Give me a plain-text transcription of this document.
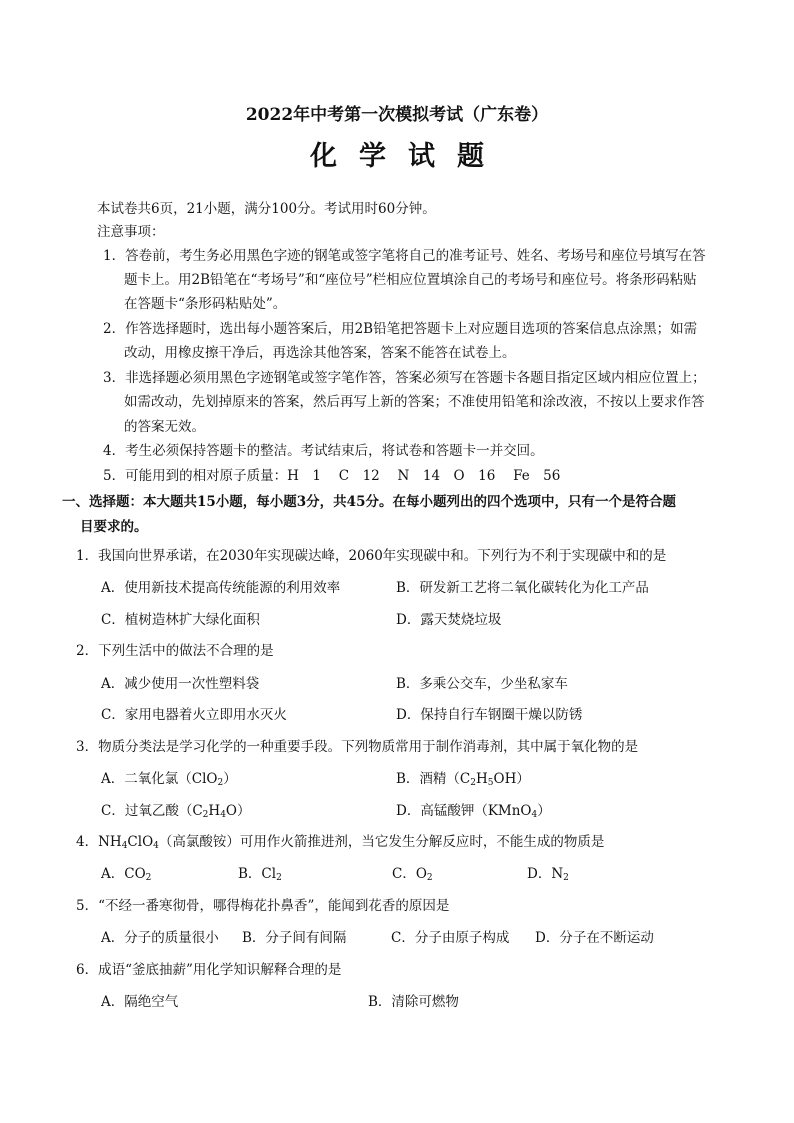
2022年中考第一次模拟考试（广东卷）
化学试题
本试卷共6页，21小题，满分100分。考试用时60分钟。
注意事项：
1．答卷前，考生务必用黑色字迹的钢笔或签字笔将自己的准考证号、姓名、考场号和座位号填写在答
题卡上。用2B铅笔在“考场号”和“座位号”栏相应位置填涂自己的考场号和座位号。将条形码粘贴
在答题卡“条形码粘贴处”。
2．作答选择题时，选出每小题答案后，用2B铅笔把答题卡上对应题目选项的答案信息点涂黑；如需
改动，用橡皮擦干净后，再选涂其他答案，答案不能答在试卷上。
3．非选择题必须用黑色字迹钢笔或签字笔作答，答案必须写在答题卡各题目指定区域内相应位置上；
如需改动，先划掉原来的答案，然后再写上新的答案；不准使用铅笔和涂改液，不按以上要求作答
的答案无效。
4．考生必须保持答题卡的整洁。考试结束后，将试卷和答题卡一并交回。
5．可能用到的相对原子质量：H　1　 C　12　 N　14　O　16　 Fe　56
一、选择题：本大题共15小题，每小题3分，共45分。在每小题列出的四个选项中，只有一个是符合题
目要求的。
1．我国向世界承诺，在2030年实现碳达峰，2060年实现碳中和。下列行为不利于实现碳中和的是
A．使用新技术提高传统能源的利用效率	B．研发新工艺将二氧化碳转化为化工产品
C．植树造林扩大绿化面积	D．露天焚烧垃圾
2．下列生活中的做法不合理的是
A．减少使用一次性塑料袋	B．多乘公交车，少坐私家车
C．家用电器着火立即用水灭火	D．保持自行车钢圈干燥以防锈
3．物质分类法是学习化学的一种重要手段。下列物质常用于制作消毒剂，其中属于氧化物的是
A．二氧化氯（ClO$_2$）	B．酒精$(C_2H_5OH)$
C．过氧乙酸$(C_2H_4O)$	D．高锰酸钾（KMnO$_4$）
4．$NH_4ClO_4$（高氯酸铵）可用作火箭推进剂，当它发生分解反应时，不能生成的物质是
A．$CO_2$	B．$Cl_2$	C．$O_2$	D．$N_2$
5．“不经一番寒彻骨，哪得梅花扑鼻香”，能闻到花香的原因是
A．分子的质量很小 B．分子间有间隔	C．分子由原子构成 D．分子在不断运动
6．成语“釜底抽薪”用化学知识解释合理的是
A．隔绝空气	B．清除可燃物
